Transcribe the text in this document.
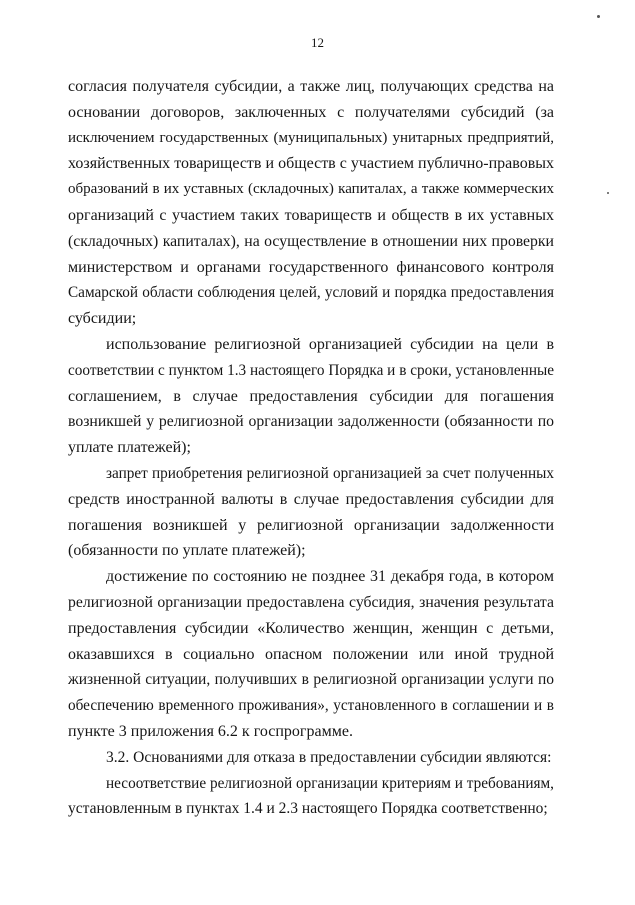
12
согласия получателя субсидии, а также лиц, получающих средства на
основании договоров, заключенных с получателями субсидий (за
исключением государственных (муниципальных) унитарных предприятий,
хозяйственных товариществ и обществ с участием публично-правовых
образований в их уставных (складочных) капиталах, а также коммерческих
организаций с участием таких товариществ и обществ в их уставных
(складочных) капиталах), на осуществление в отношении них проверки
министерством и органами государственного финансового контроля
Самарской области соблюдения целей, условий и порядка предоставления
субсидии;
использование религиозной организацией субсидии на цели в
соответствии с пунктом 1.3 настоящего Порядка и в сроки, установленные
соглашением, в случае предоставления субсидии для погашения
возникшей у религиозной организации задолженности (обязанности по
уплате платежей);
запрет приобретения религиозной организацией за счет полученных
средств иностранной валюты в случае предоставления субсидии для
погашения возникшей у религиозной организации задолженности
(обязанности по уплате платежей);
достижение по состоянию не позднее 31 декабря года, в котором
религиозной организации предоставлена субсидия, значения результата
предоставления субсидии «Количество женщин, женщин с детьми,
оказавшихся в социально опасном положении или иной трудной
жизненной ситуации, получивших в религиозной организации услуги по
обеспечению временного проживания», установленного в соглашении и в
пункте 3 приложения 6.2 к госпрограмме.
3.2. Основаниями для отказа в предоставлении субсидии являются:
несоответствие религиозной организации критериям и требованиям,
установленным в пунктах 1.4 и 2.3 настоящего Порядка соответственно;
